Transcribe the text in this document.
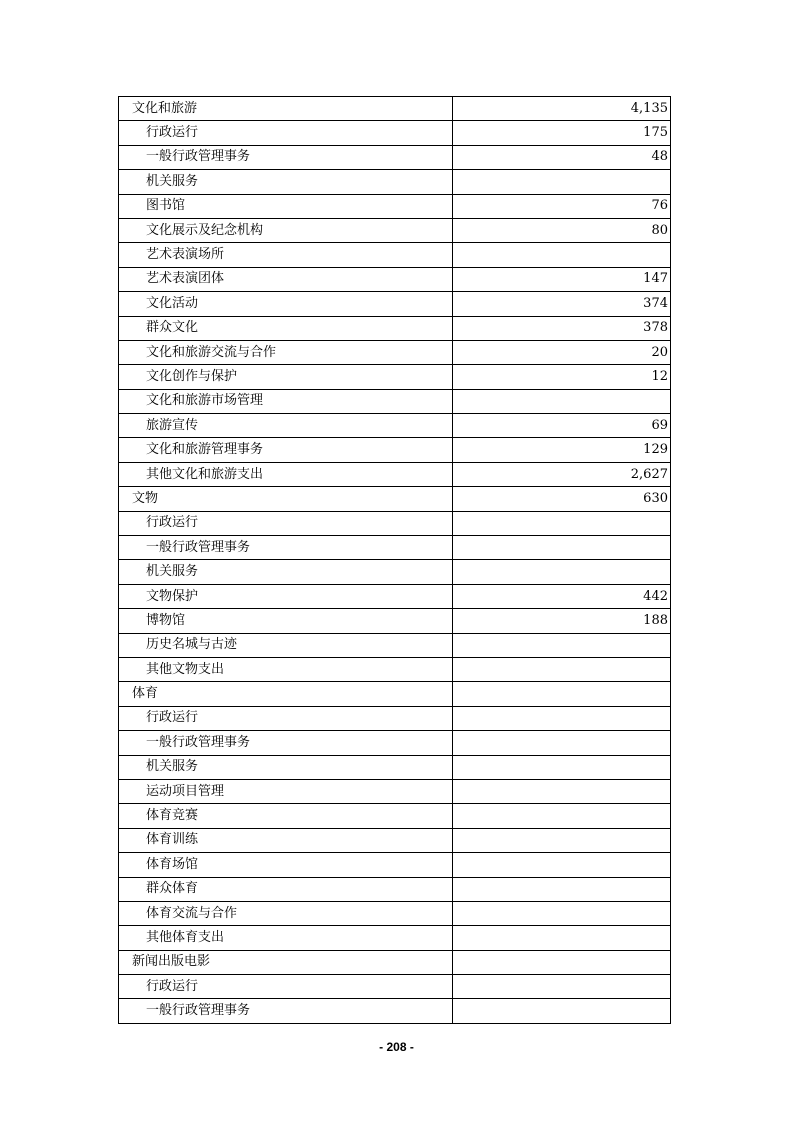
文化和旅游	4,135
行政运行	175
一般行政管理事务	48
机关服务	
图书馆	76
文化展示及纪念机构	80
艺术表演场所	
艺术表演团体	147
文化活动	374
群众文化	378
文化和旅游交流与合作	20
文化创作与保护	12
文化和旅游市场管理	
旅游宣传	69
文化和旅游管理事务	129
其他文化和旅游支出	2,627
文物	630
行政运行	
一般行政管理事务	
机关服务	
文物保护	442
博物馆	188
历史名城与古迹	
其他文物支出	
体育	
行政运行	
一般行政管理事务	
机关服务	
运动项目管理	
体育竞赛	
体育训练	
体育场馆	
群众体育	
体育交流与合作	
其他体育支出	
新闻出版电影	
行政运行	
一般行政管理事务	
- 208 -
